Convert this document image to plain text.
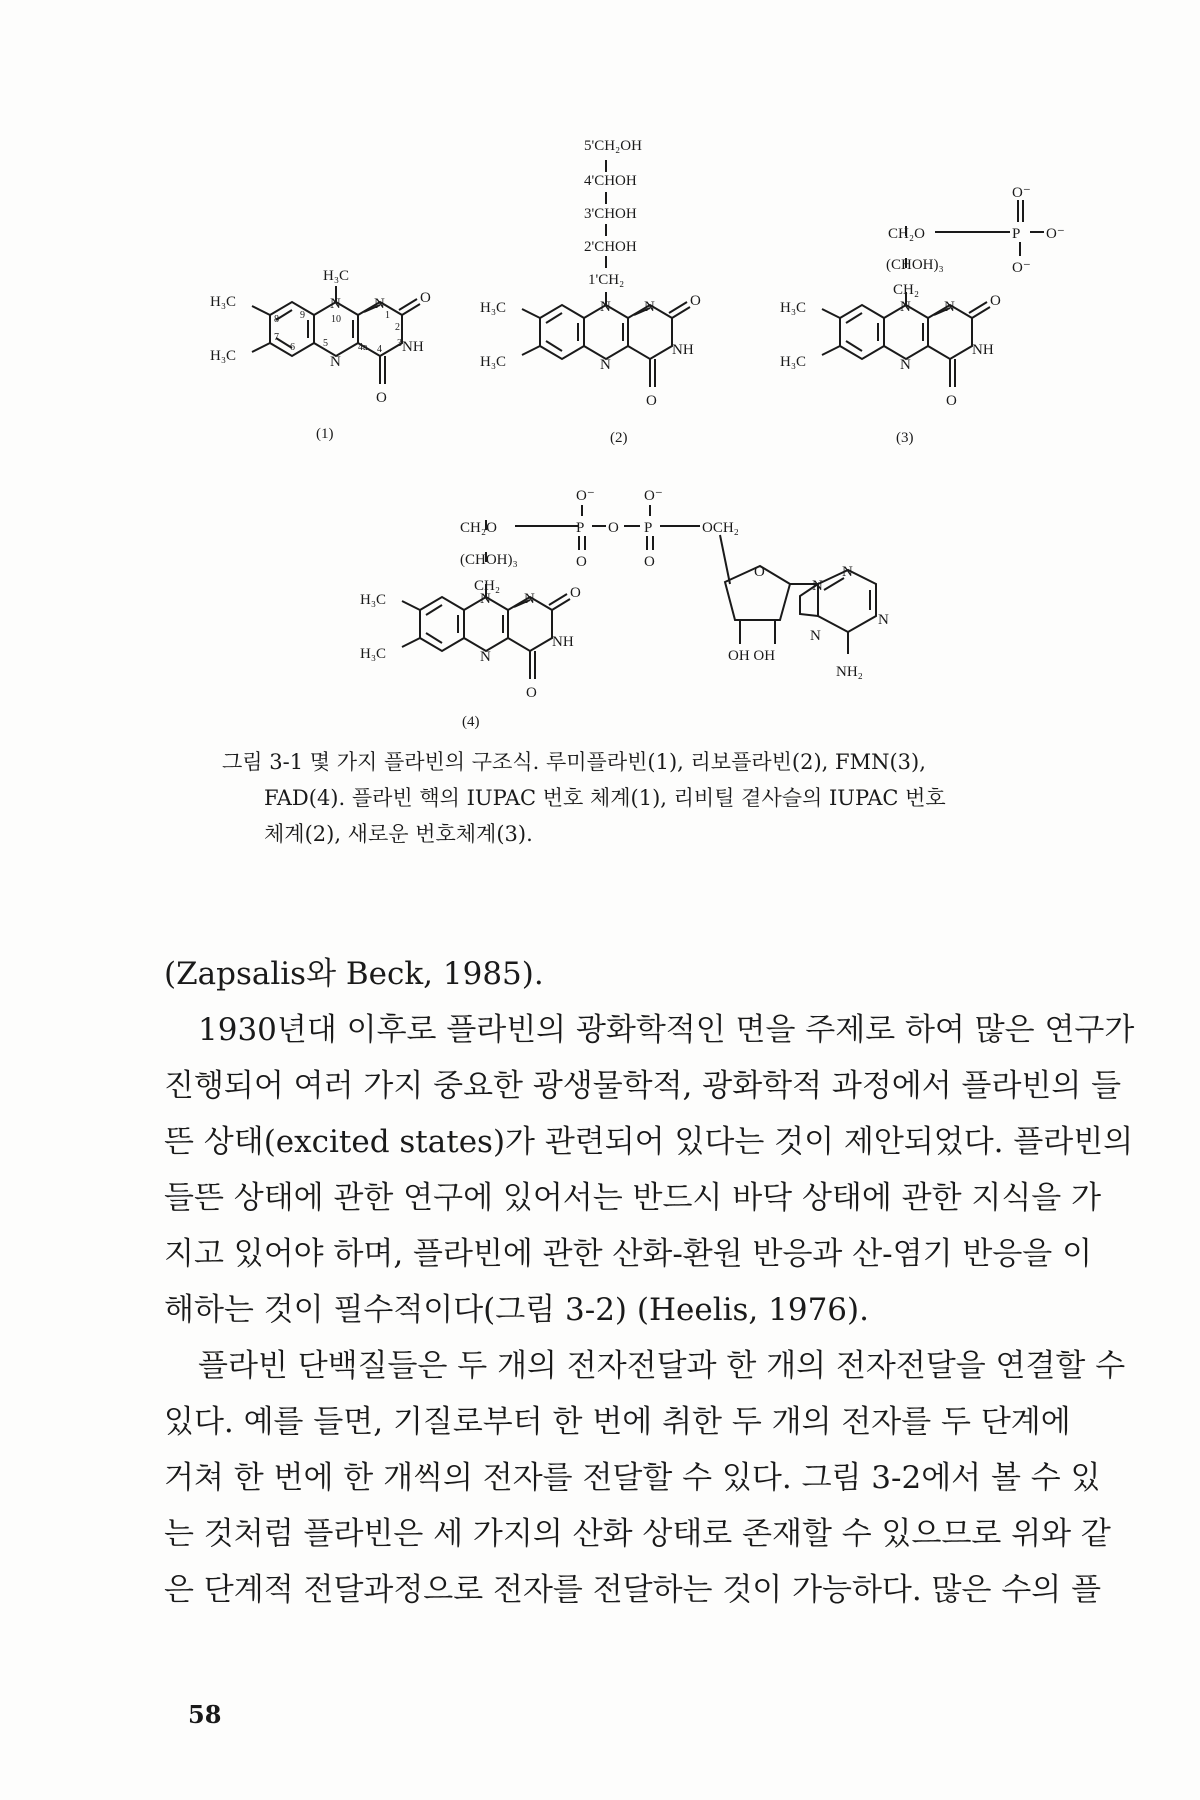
H₃C
H₃C
H₃C
N N
N
NH
O
O
10	1
2
3
4
4a
5
9
8
7
6
(1)
5'CH₂OH
4'CHOH
3'CHOH
2'CHOH
1'CH₂
H₃C
H₃C
N N
N
NH
O
O
(2)
CH₂O
(CHOH)₃
CH₂
P
O⁻
O⁻
O⁻
H₃C
H₃C
N N
N
NH
O
O
(3)
CH₂O
(CHOH)₃
CH₂
P O P
O⁻	O⁻
O	O
OCH₂
O
OH OH
N
N
N
N
NH₂
H₃C
H₃C
N N
N
NH
O
O
(4)
그림 3-1 몇 가지 플라빈의 구조식. 루미플라빈(1), 리보플라빈(2), FMN(3),
FAD(4). 플라빈 핵의 IUPAC 번호 체계(1), 리비틸 곁사슬의 IUPAC 번호
체계(2), 새로운 번호체계(3).
(Zapsalis와 Beck, 1985).
1930년대 이후로 플라빈의 광화학적인 면을 주제로 하여 많은 연구가
진행되어 여러 가지 중요한 광생물학적, 광화학적 과정에서 플라빈의 들
뜬 상태(excited states)가 관련되어 있다는 것이 제안되었다. 플라빈의
들뜬 상태에 관한 연구에 있어서는 반드시 바닥 상태에 관한 지식을 가
지고 있어야 하며, 플라빈에 관한 산화-환원 반응과 산-염기 반응을 이
해하는 것이 필수적이다(그림 3-2) (Heelis, 1976).
플라빈 단백질들은 두 개의 전자전달과 한 개의 전자전달을 연결할 수
있다. 예를 들면, 기질로부터 한 번에 취한 두 개의 전자를 두 단계에
거쳐 한 번에 한 개씩의 전자를 전달할 수 있다. 그림 3-2에서 볼 수 있
는 것처럼 플라빈은 세 가지의 산화 상태로 존재할 수 있으므로 위와 같
은 단계적 전달과정으로 전자를 전달하는 것이 가능하다. 많은 수의 플
58
